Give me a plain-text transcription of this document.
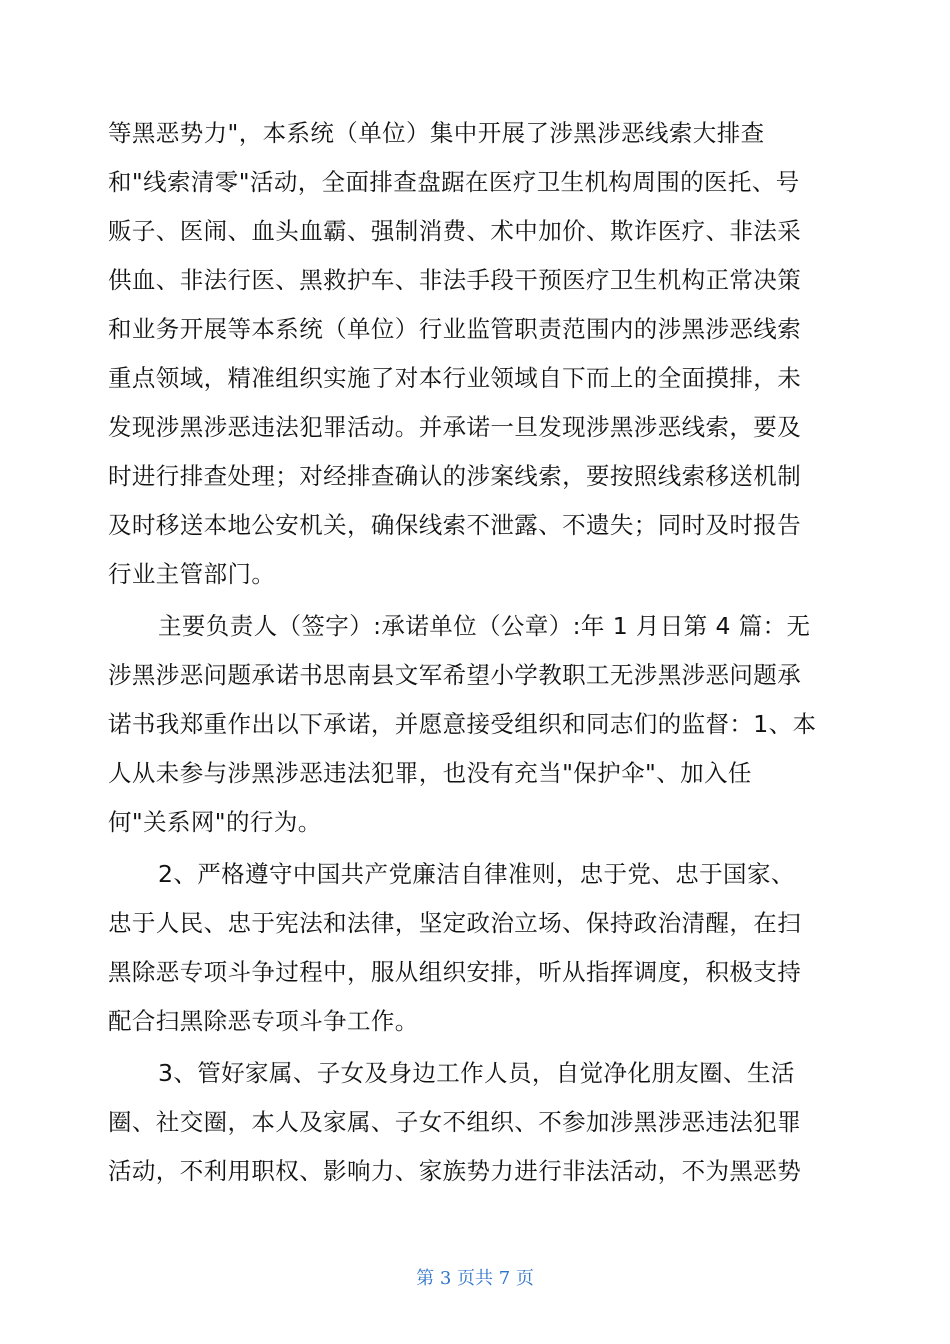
等黑恶势力"，本系统（单位）集中开展了涉黑涉恶线索大排查
和"线索清零"活动，全面排查盘踞在医疗卫生机构周围的医托、号
贩子、医闹、血头血霸、强制消费、术中加价、欺诈医疗、非法采
供血、非法行医、黑救护车、非法手段干预医疗卫生机构正常决策
和业务开展等本系统（单位）行业监管职责范围内的涉黑涉恶线索
重点领域，精准组织实施了对本行业领域自下而上的全面摸排，未
发现涉黑涉恶违法犯罪活动。并承诺一旦发现涉黑涉恶线索，要及
时进行排查处理；对经排查确认的涉案线索，要按照线索移送机制
及时移送本地公安机关，确保线索不泄露、不遗失；同时及时报告
行业主管部门。
主要负责人（签字）:承诺单位（公章）:年 1 月日第 4 篇：无
涉黑涉恶问题承诺书思南县文军希望小学教职工无涉黑涉恶问题承
诺书我郑重作出以下承诺，并愿意接受组织和同志们的监督：1、本
人从未参与涉黑涉恶违法犯罪，也没有充当"保护伞"、加入任
何"关系网"的行为。
2、严格遵守中国共产党廉洁自律准则，忠于党、忠于国家、
忠于人民、忠于宪法和法律，坚定政治立场、保持政治清醒，在扫
黑除恶专项斗争过程中，服从组织安排，听从指挥调度，积极支持
配合扫黑除恶专项斗争工作。
3、管好家属、子女及身边工作人员，自觉净化朋友圈、生活
圈、社交圈，本人及家属、子女不组织、不参加涉黑涉恶违法犯罪
活动，不利用职权、影响力、家族势力进行非法活动，不为黑恶势
第 3 页共 7 页
